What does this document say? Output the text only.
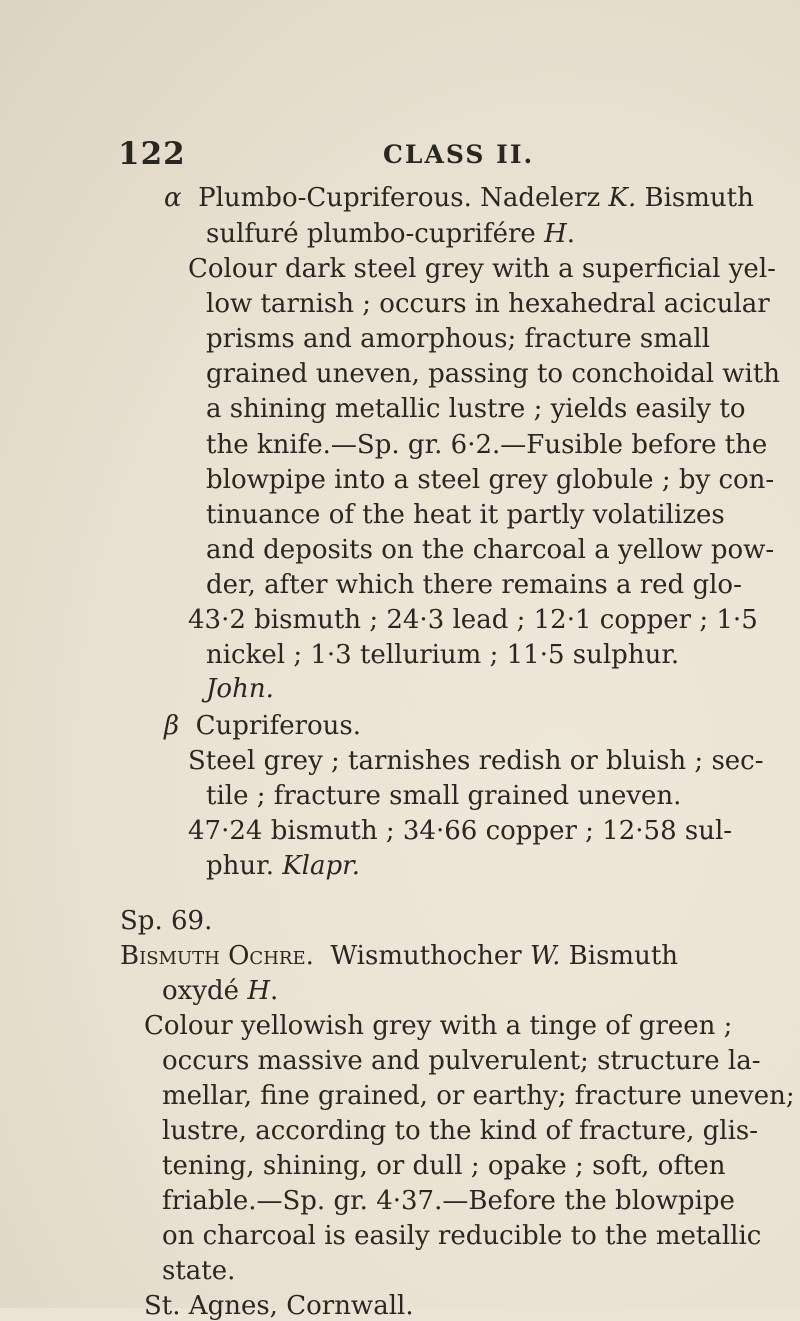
122	CLASS II.
α Plumbo-Cupriferous. Nadelerz K. Bismuth
sulfuré plumbo-cuprifére H.
Colour dark steel grey with a superficial yel-
low tarnish ; occurs in hexahedral acicular
prisms and amorphous; fracture small
grained uneven, passing to conchoidal with
a shining metallic lustre ; yields easily to
the knife.—Sp. gr. 6·2.—Fusible before the
blowpipe into a steel grey globule ; by con-
tinuance of the heat it partly volatilizes
and deposits on the charcoal a yellow pow-
der, after which there remains a red glo-
43·2 bismuth ; 24·3 lead ; 12·1 copper ; 1·5
nickel ; 1·3 tellurium ; 11·5 sulphur.
John.
β Cupriferous.
Steel grey ; tarnishes redish or bluish ; sec-
tile ; fracture small grained uneven.
47·24 bismuth ; 34·66 copper ; 12·58 sul-
phur. Klapr.
Sp. 69.
Bismuth Ochre. Wismuthocher W. Bismuth
oxydé H.
Colour yellowish grey with a tinge of green ;
occurs massive and pulverulent; structure la-
mellar, fine grained, or earthy; fracture uneven;
lustre, according to the kind of fracture, glis-
tening, shining, or dull ; opake ; soft, often
friable.—Sp. gr. 4·37.—Before the blowpipe
on charcoal is easily reducible to the metallic
state.
St. Agnes, Cornwall.
